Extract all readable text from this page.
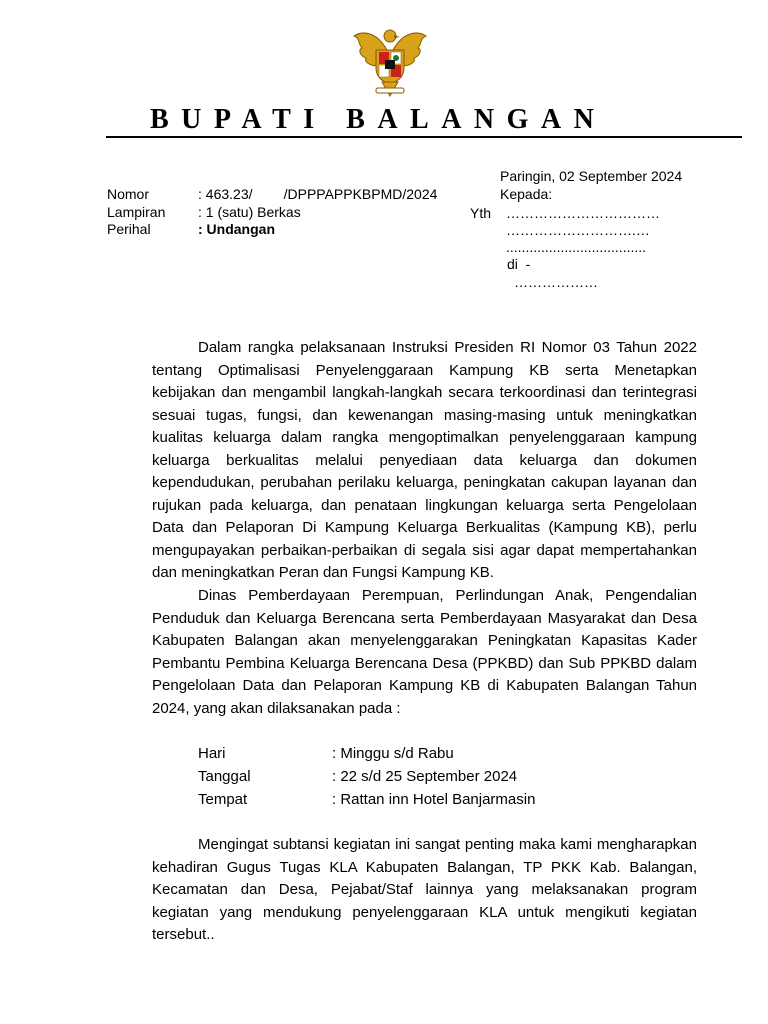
BUPATI BALANGAN
Paringin, 02 September 2024
Nomor	: 463.23/        /DPPPAPPKBPMD/2024
Lampiran : 1 (satu) Berkas
Perihal	: Undangan
Kepada:
Yth ……………………………
……………………….…
....................................
di  -
………………
Dalam rangka pelaksanaan Instruksi Presiden RI Nomor 03 Tahun 2022
tentang Optimalisasi Penyelenggaraan Kampung KB serta Menetapkan
kebijakan dan mengambil langkah-langkah secara terkoordinasi dan terintegrasi
sesuai tugas, fungsi, dan kewenangan masing-masing untuk meningkatkan
kualitas keluarga dalam rangka mengoptimalkan penyelenggaraan kampung
keluarga berkualitas melalui penyediaan data keluarga dan dokumen
kependudukan, perubahan perilaku keluarga, peningkatan cakupan layanan dan
rujukan pada keluarga, dan penataan lingkungan keluarga serta Pengelolaan
Data dan Pelaporan Di Kampung Keluarga Berkualitas (Kampung KB), perlu
mengupayakan perbaikan-perbaikan di segala sisi agar dapat mempertahankan
dan meningkatkan Peran dan Fungsi Kampung KB.
Dinas Pemberdayaan Perempuan, Perlindungan Anak, Pengendalian
Penduduk dan Keluarga Berencana serta Pemberdayaan Masyarakat dan Desa
Kabupaten Balangan akan menyelenggarakan Peningkatan Kapasitas Kader
Pembantu Pembina Keluarga Berencana Desa (PPKBD) dan Sub PPKBD dalam
Pengelolaan Data dan Pelaporan Kampung KB di Kabupaten Balangan Tahun
2024, yang akan dilaksanakan pada :
Hari	: Minggu s/d Rabu
Tanggal	: 22 s/d 25 September 2024
Tempat	: Rattan inn Hotel Banjarmasin
Mengingat subtansi kegiatan ini sangat penting maka kami mengharapkan
kehadiran Gugus Tugas KLA Kabupaten Balangan, TP PKK Kab. Balangan,
Kecamatan dan Desa, Pejabat/Staf lainnya yang melaksanakan program
kegiatan yang mendukung penyelenggaraan KLA untuk mengikuti kegiatan
tersebut..
